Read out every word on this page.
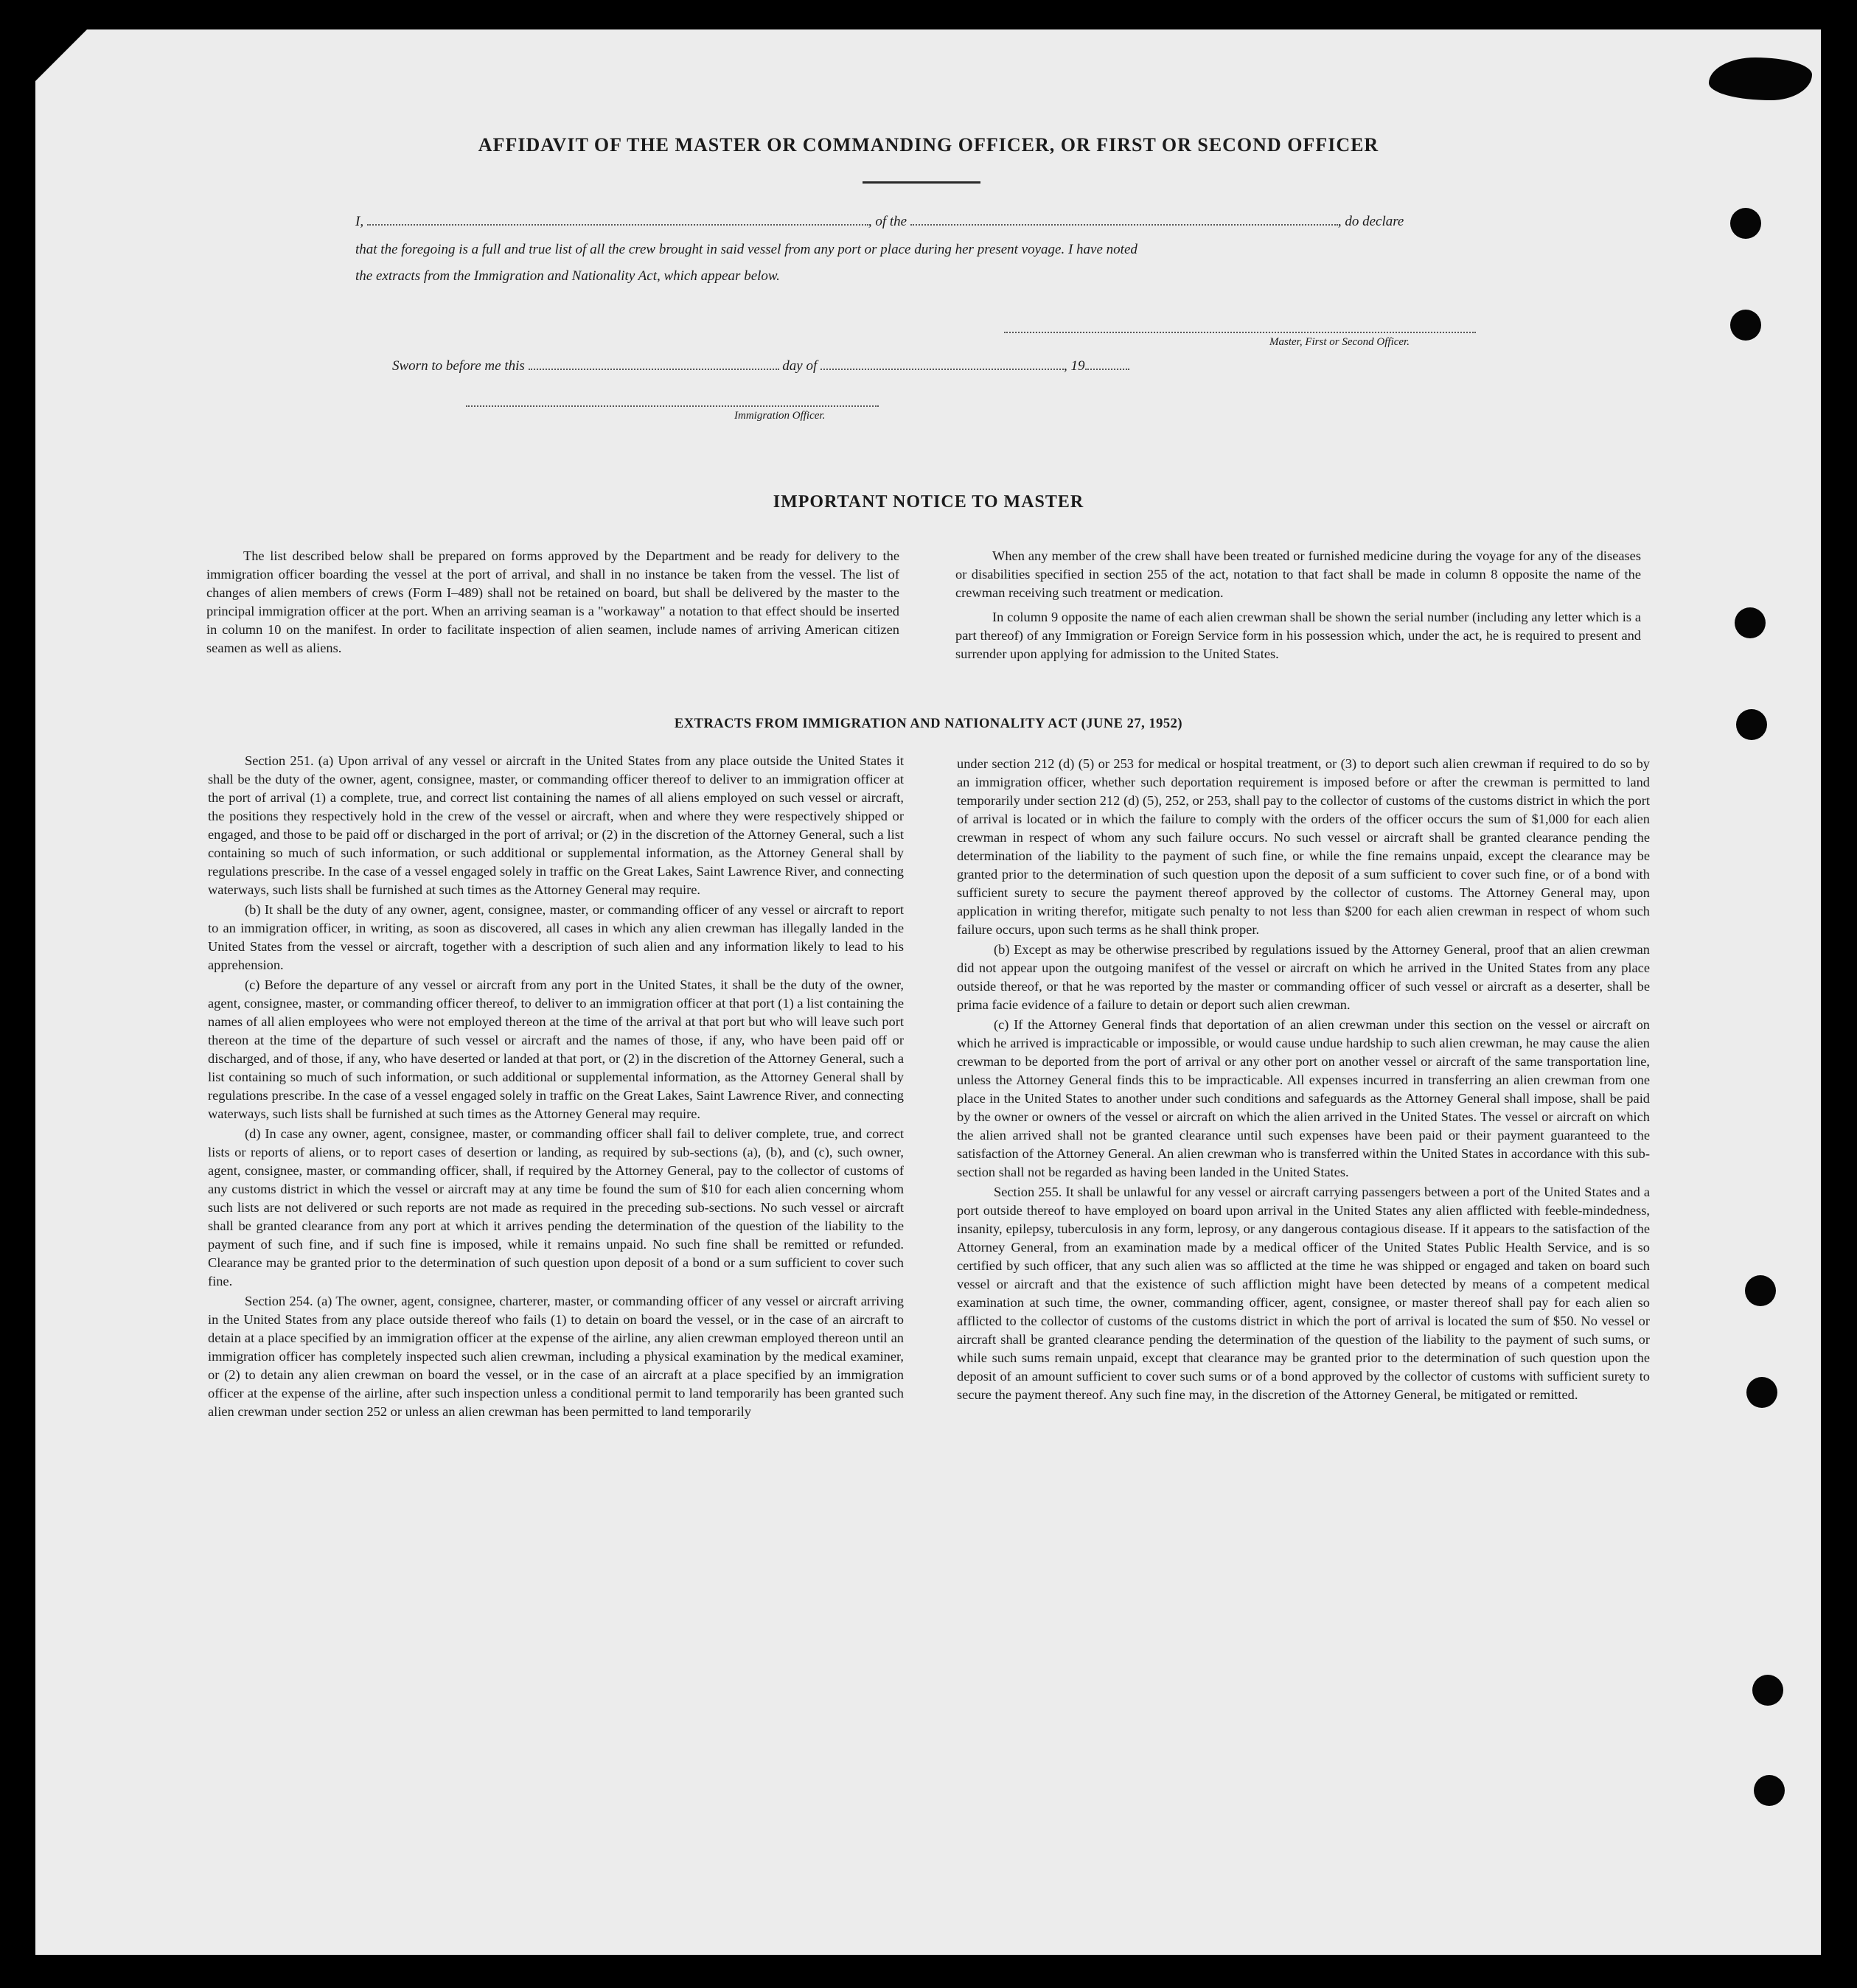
AFFIDAVIT OF THE MASTER OR COMMANDING OFFICER, OR FIRST OR SECOND OFFICER
I,	, of the	, do declare
that the foregoing is a full and true list of all the crew brought in said vessel from any port or place during her present voyage. I have noted
the extracts from the Immigration and Nationality Act, which appear below.
Master, First or Second Officer.
Sworn to before me this	day of	, 19
Immigration Officer.
IMPORTANT NOTICE TO MASTER

The list described below shall be prepared on forms approved by the Department and be ready for delivery to the immigration officer boarding the vessel at the port of arrival, and shall in no instance be taken from the vessel. The list of changes of alien members of crews (Form I–489) shall not be retained on board, but shall be delivered by the master to the principal immigration officer at the port. When an arriving seaman is a "workaway" a notation to that effect should be inserted in column 10 on the manifest. In order to facilitate inspection of alien seamen, include names of arriving American citizen seamen as well as aliens.

When any member of the crew shall have been treated or furnished medicine during the voyage for any of the diseases or disabilities specified in section 255 of the act, notation to that fact shall be made in column 8 opposite the name of the crewman receiving such treatment or medication.

In column 9 opposite the name of each alien crewman shall be shown the serial number (including any letter which is a part thereof) of any Immigration or Foreign Service form in his possession which, under the act, he is required to present and surrender upon applying for admission to the United States.

EXTRACTS FROM IMMIGRATION AND NATIONALITY ACT (JUNE 27, 1952)

Section 251. (a) Upon arrival of any vessel or aircraft in the United States from any place outside the United States it shall be the duty of the owner, agent, consignee, master, or commanding officer thereof to deliver to an immigration officer at the port of arrival (1) a complete, true, and correct list containing the names of all aliens employed on such vessel or aircraft, the positions they respectively hold in the crew of the vessel or aircraft, when and where they were respectively shipped or engaged, and those to be paid off or discharged in the port of arrival; or (2) in the discretion of the Attorney General, such a list containing so much of such information, or such additional or supplemental information, as the Attorney General shall by regulations prescribe. In the case of a vessel engaged solely in traffic on the Great Lakes, Saint Lawrence River, and connecting waterways, such lists shall be furnished at such times as the Attorney General may require.

(b) It shall be the duty of any owner, agent, consignee, master, or commanding officer of any vessel or aircraft to report to an immigration officer, in writing, as soon as discovered, all cases in which any alien crewman has illegally landed in the United States from the vessel or aircraft, together with a description of such alien and any information likely to lead to his apprehension.

(c) Before the departure of any vessel or aircraft from any port in the United States, it shall be the duty of the owner, agent, consignee, master, or commanding officer thereof, to deliver to an immigration officer at that port (1) a list containing the names of all alien employees who were not employed thereon at the time of the arrival at that port but who will leave such port thereon at the time of the departure of such vessel or aircraft and the names of those, if any, who have been paid off or discharged, and of those, if any, who have deserted or landed at that port, or (2) in the discretion of the Attorney General, such a list containing so much of such information, or such additional or supplemental information, as the Attorney General shall by regulations prescribe. In the case of a vessel engaged solely in traffic on the Great Lakes, Saint Lawrence River, and connecting waterways, such lists shall be furnished at such times as the Attorney General may require.

(d) In case any owner, agent, consignee, master, or commanding officer shall fail to deliver complete, true, and correct lists or reports of aliens, or to report cases of desertion or landing, as required by sub-sections (a), (b), and (c), such owner, agent, consignee, master, or commanding officer, shall, if required by the Attorney General, pay to the collector of customs of any customs district in which the vessel or aircraft may at any time be found the sum of $10 for each alien concerning whom such lists are not delivered or such reports are not made as required in the preceding sub-sections. No such vessel or aircraft shall be granted clearance from any port at which it arrives pending the determination of the question of the liability to the payment of such fine, and if such fine is imposed, while it remains unpaid. No such fine shall be remitted or refunded. Clearance may be granted prior to the determination of such question upon deposit of a bond or a sum sufficient to cover such fine.

Section 254. (a) The owner, agent, consignee, charterer, master, or commanding officer of any vessel or aircraft arriving in the United States from any place outside thereof who fails (1) to detain on board the vessel, or in the case of an aircraft to detain at a place specified by an immigration officer at the expense of the airline, any alien crewman employed thereon until an immigration officer has completely inspected such alien crewman, including a physical examination by the medical examiner, or (2) to detain any alien crewman on board the vessel, or in the case of an aircraft at a place specified by an immigration officer at the expense of the airline, after such inspection unless a conditional permit to land temporarily has been granted such alien crewman under section 252 or unless an alien crewman has been permitted to land temporarily

under section 212 (d) (5) or 253 for medical or hospital treatment, or (3) to deport such alien crewman if required to do so by an immigration officer, whether such deportation requirement is imposed before or after the crewman is permitted to land temporarily under section 212 (d) (5), 252, or 253, shall pay to the collector of customs of the customs district in which the port of arrival is located or in which the failure to comply with the orders of the officer occurs the sum of $1,000 for each alien crewman in respect of whom any such failure occurs. No such vessel or aircraft shall be granted clearance pending the determination of the liability to the payment of such fine, or while the fine remains unpaid, except the clearance may be granted prior to the determination of such question upon the deposit of a sum sufficient to cover such fine, or of a bond with sufficient surety to secure the payment thereof approved by the collector of customs. The Attorney General may, upon application in writing therefor, mitigate such penalty to not less than $200 for each alien crewman in respect of whom such failure occurs, upon such terms as he shall think proper.

(b) Except as may be otherwise prescribed by regulations issued by the Attorney General, proof that an alien crewman did not appear upon the outgoing manifest of the vessel or aircraft on which he arrived in the United States from any place outside thereof, or that he was reported by the master or commanding officer of such vessel or aircraft as a deserter, shall be prima facie evidence of a failure to detain or deport such alien crewman.

(c) If the Attorney General finds that deportation of an alien crewman under this section on the vessel or aircraft on which he arrived is impracticable or impossible, or would cause undue hardship to such alien crewman, he may cause the alien crewman to be deported from the port of arrival or any other port on another vessel or aircraft of the same transportation line, unless the Attorney General finds this to be impracticable. All expenses incurred in transferring an alien crewman from one place in the United States to another under such conditions and safeguards as the Attorney General shall impose, shall be paid by the owner or owners of the vessel or aircraft on which the alien arrived in the United States. The vessel or aircraft on which the alien arrived shall not be granted clearance until such expenses have been paid or their payment guaranteed to the satisfaction of the Attorney General. An alien crewman who is transferred within the United States in accordance with this sub-section shall not be regarded as having been landed in the United States.

Section 255. It shall be unlawful for any vessel or aircraft carrying passengers between a port of the United States and a port outside thereof to have employed on board upon arrival in the United States any alien afflicted with feeble-mindedness, insanity, epilepsy, tuberculosis in any form, leprosy, or any dangerous contagious disease. If it appears to the satisfaction of the Attorney General, from an examination made by a medical officer of the United States Public Health Service, and is so certified by such officer, that any such alien was so afflicted at the time he was shipped or engaged and taken on board such vessel or aircraft and that the existence of such affliction might have been detected by means of a competent medical examination at such time, the owner, commanding officer, agent, consignee, or master thereof shall pay for each alien so afflicted to the collector of customs of the customs district in which the port of arrival is located the sum of $50. No vessel or aircraft shall be granted clearance pending the determination of the question of the liability to the payment of such sums, or while such sums remain unpaid, except that clearance may be granted prior to the determination of such question upon the deposit of an amount sufficient to cover such sums or of a bond approved by the collector of customs with sufficient surety to secure the payment thereof. Any such fine may, in the discretion of the Attorney General, be mitigated or remitted.
